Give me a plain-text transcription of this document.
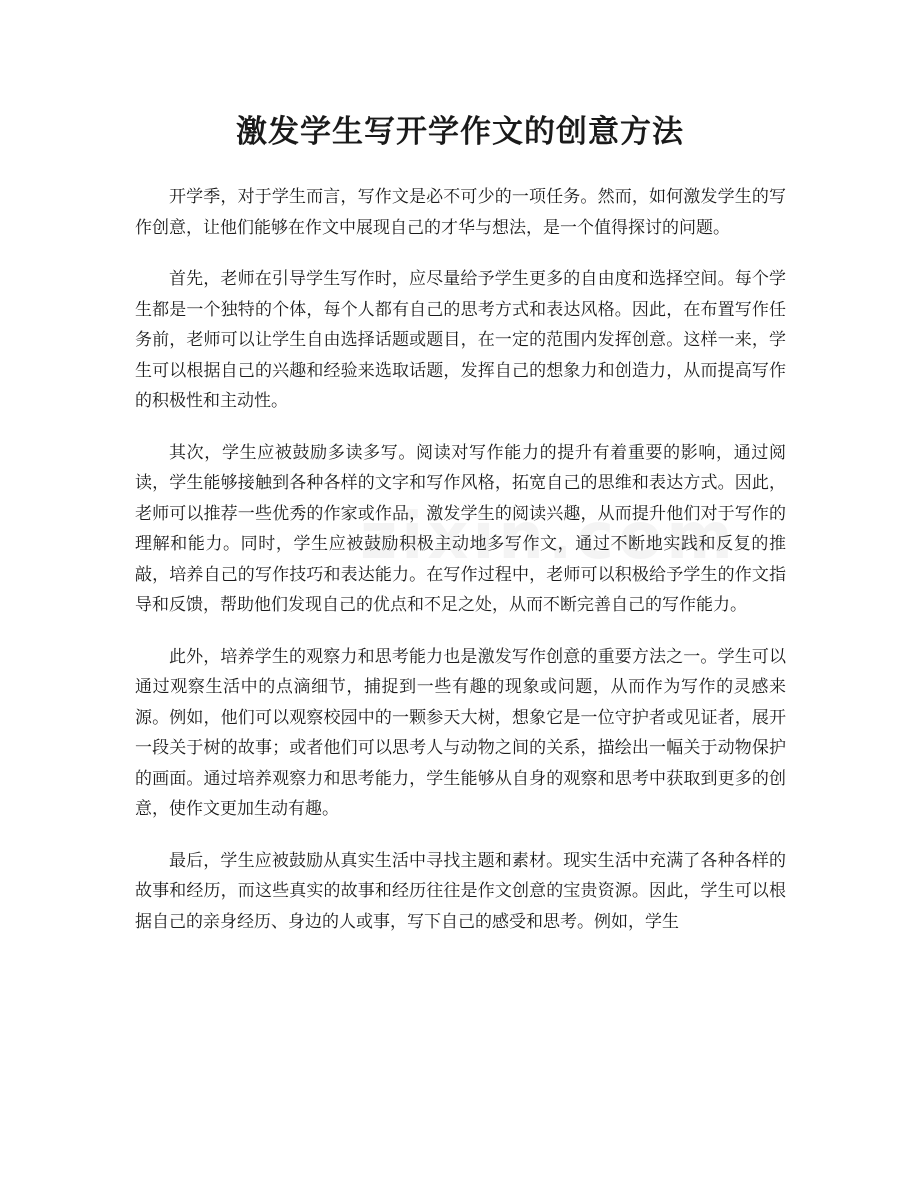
激发学生写开学作文的创意方法

开学季，对于学生而言，写作文是必不可少的一项任务。然而，如何激发学生的写作创意，让他们能够在作文中展现自己的才华与想法，是一个值得探讨的问题。

首先，老师在引导学生写作时，应尽量给予学生更多的自由度和选择空间。每个学生都是一个独特的个体，每个人都有自己的思考方式和表达风格。因此，在布置写作任务前，老师可以让学生自由选择话题或题目，在一定的范围内发挥创意。这样一来，学生可以根据自己的兴趣和经验来选取话题，发挥自己的想象力和创造力，从而提高写作的积极性和主动性。

其次，学生应被鼓励多读多写。阅读对写作能力的提升有着重要的影响，通过阅读，学生能够接触到各种各样的文字和写作风格，拓宽自己的思维和表达方式。因此，老师可以推荐一些优秀的作家或作品，激发学生的阅读兴趣，从而提升他们对于写作的理解和能力。同时，学生应被鼓励积极主动地多写作文，通过不断地实践和反复的推敲，培养自己的写作技巧和表达能力。在写作过程中，老师可以积极给予学生的作文指导和反馈，帮助他们发现自己的优点和不足之处，从而不断完善自己的写作能力。

此外，培养学生的观察力和思考能力也是激发写作创意的重要方法之一。学生可以通过观察生活中的点滴细节，捕捉到一些有趣的现象或问题，从而作为写作的灵感来源。例如，他们可以观察校园中的一颗参天大树，想象它是一位守护者或见证者，展开一段关于树的故事；或者他们可以思考人与动物之间的关系，描绘出一幅关于动物保护的画面。通过培养观察力和思考能力，学生能够从自身的观察和思考中获取到更多的创意，使作文更加生动有趣。

最后，学生应被鼓励从真实生活中寻找主题和素材。现实生活中充满了各种各样的故事和经历，而这些真实的故事和经历往往是作文创意的宝贵资源。因此，学生可以根据自己的亲身经历、身边的人或事，写下自己的感受和思考。例如，学生
